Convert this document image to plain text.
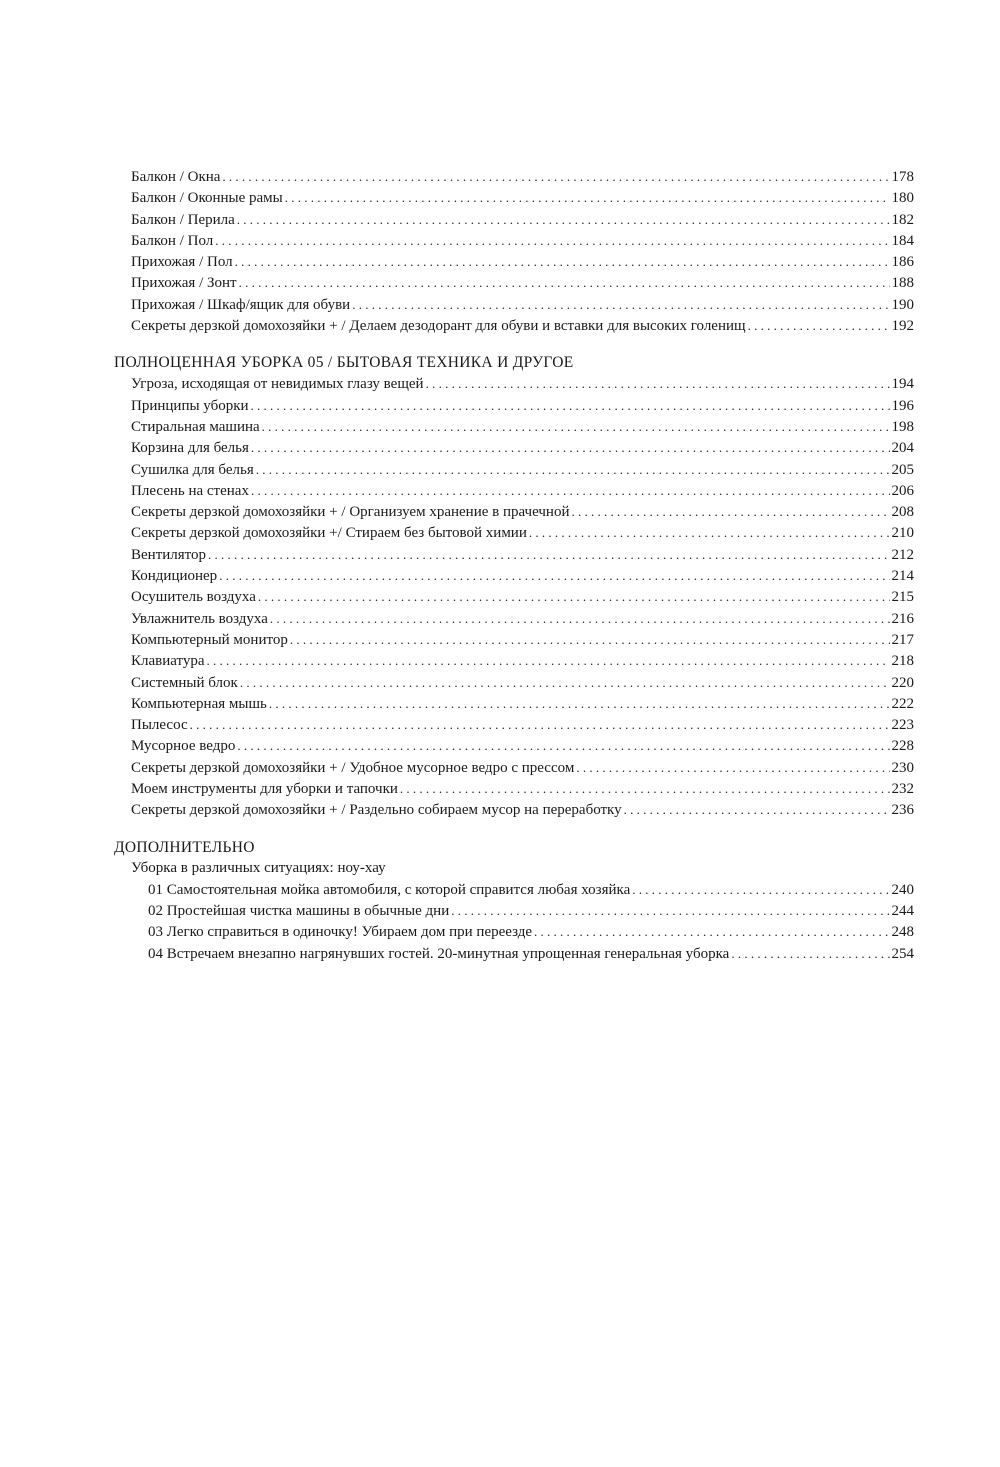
Балкон / Окна . . .	178
Балкон / Оконные рамы . . .	180
Балкон / Перила . . .	182
Балкон / Пол . . .	184
Прихожая / Пол . . .	186
Прихожая / Зонт . . .	188
Прихожая / Шкаф/ящик для обуви . . .	190
Секреты дерзкой домохозяйки + / Делаем дезодорант для обуви и вставки для высоких голенищ . . .	192
ПОЛНОЦЕННАЯ УБОРКА 05 / БЫТОВАЯ ТЕХНИКА И ДРУГОЕ
Угроза, исходящая от невидимых глазу вещей . . .	194
Принципы уборки . . .	196
Стиральная машина . . .	198
Корзина для белья . . .	204
Сушилка для белья . . .	205
Плесень на стенах . . .	206
Секреты дерзкой домохозяйки + / Организуем хранение в прачечной . . .	208
Секреты дерзкой домохозяйки +/ Стираем без бытовой химии . . .	210
Вентилятор . . .	212
Кондиционер . . .	214
Осушитель воздуха . . .	215
Увлажнитель воздуха . . .	216
Компьютерный монитор . . .	217
Клавиатура . . .	218
Системный блок . . .	220
Компьютерная мышь . . .	222
Пылесос . . .	223
Мусорное ведро . . .	228
Секреты дерзкой домохозяйки + / Удобное мусорное ведро с прессом . . .	230
Моем инструменты для уборки и тапочки . . .	232
Секреты дерзкой домохозяйки + / Раздельно собираем мусор на переработку . . .	236
ДОПОЛНИТЕЛЬНО
Уборка в различных ситуациях: ноу-хау
01 Самостоятельная мойка автомобиля, с которой справится любая хозяйка . . .	240
02 Простейшая чистка машины в обычные дни . . .	244
03 Легко справиться в одиночку! Убираем дом при переезде . . .	248
04 Встречаем внезапно нагрянувших гостей. 20-минутная упрощенная генеральная уборка . . .	254
